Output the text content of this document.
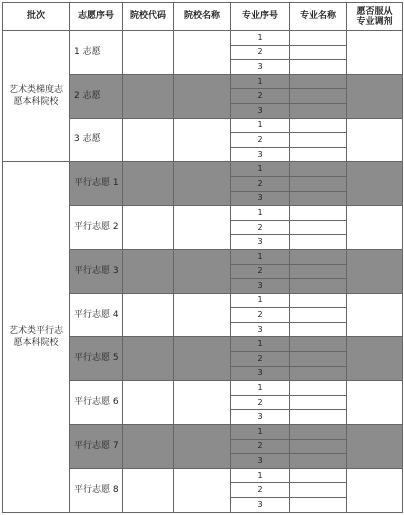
批次	志愿序号	院校代码	院校名称	专业序号	专业名称	愿否服从
专业调剂

艺术类梯度志愿本科院校	1 志愿			1		
				2		
				3		
	2 志愿			1		
				2		
				3		
	3 志愿			1		
				2		
				3		
艺术类平行志愿本科院校	平行志愿 1			1		
				2		
				3		
	平行志愿 2			1		
				2		
				3		
	平行志愿 3			1		
				2		
				3		
	平行志愿 4			1		
				2		
				3		
	平行志愿 5			1		
				2		
				3		
	平行志愿 6			1		
				2		
				3		
	平行志愿 7			1		
				2		
				3		
	平行志愿 8			1		
				2		
				3		
